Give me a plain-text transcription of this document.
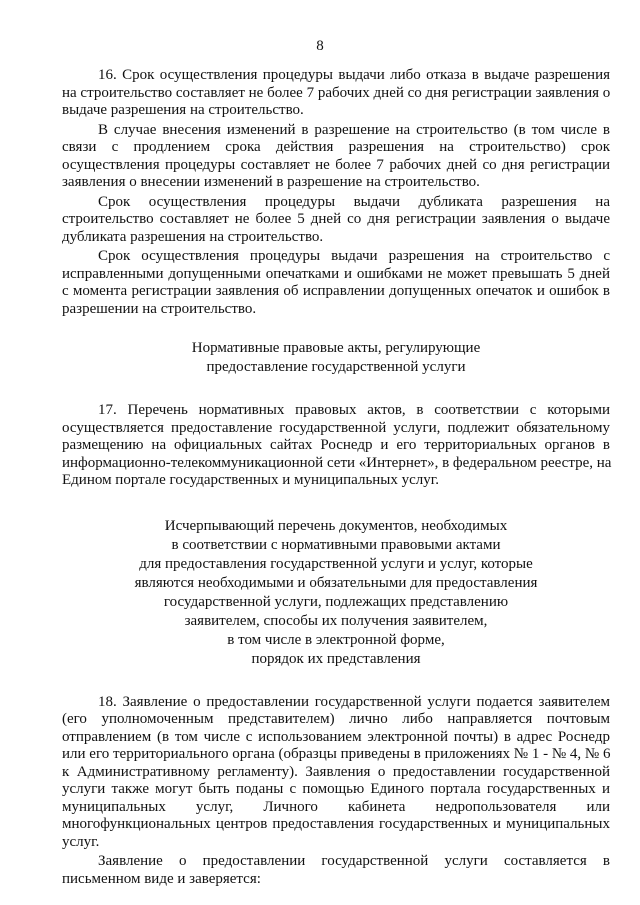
8
16. Срок осуществления процедуры выдачи либо отказа в выдаче разрешения
на строительство составляет не более 7 рабочих дней со дня регистрации заявления о
выдаче разрешения на строительство.
В случае внесения изменений в разрешение на строительство (в том числе в
связи с продлением срока действия разрешения на строительство) срок
осуществления процедуры составляет не более 7 рабочих дней со дня регистрации
заявления о внесении изменений в разрешение на строительство.
Срок осуществления процедуры выдачи дубликата разрешения на
строительство составляет не более 5 дней со дня регистрации заявления о выдаче
дубликата разрешения на строительство.
Срок осуществления процедуры выдачи разрешения на строительство с
исправленными допущенными опечатками и ошибками не может превышать 5 дней
с момента регистрации заявления об исправлении допущенных опечаток и ошибок в
разрешении на строительство.
Нормативные правовые акты, регулирующие
предоставление государственной услуги
17. Перечень нормативных правовых актов, в соответствии с которыми
осуществляется предоставление государственной услуги, подлежит обязательному
размещению на официальных сайтах Роснедр и его территориальных органов в
информационно-телекоммуникационной сети «Интернет», в федеральном реестре, на
Едином портале государственных и муниципальных услуг.
Исчерпывающий перечень документов, необходимых
в соответствии с нормативными правовыми актами
для предоставления государственной услуги и услуг, которые
являются необходимыми и обязательными для предоставления
государственной услуги, подлежащих представлению
заявителем, способы их получения заявителем,
в том числе в электронной форме,
порядок их представления
18. Заявление о предоставлении государственной услуги подается заявителем
(его уполномоченным представителем) лично либо направляется почтовым
отправлением (в том числе с использованием электронной почты) в адрес Роснедр
или его территориального органа (образцы приведены в приложениях № 1 - № 4, № 6
к Административному регламенту). Заявления о предоставлении государственной
услуги также могут быть поданы с помощью Единого портала государственных и
муниципальных услуг, Личного кабинета недропользователя или
многофункциональных центров предоставления государственных и муниципальных
услуг.
Заявление о предоставлении государственной услуги составляется в
письменном виде и заверяется:
